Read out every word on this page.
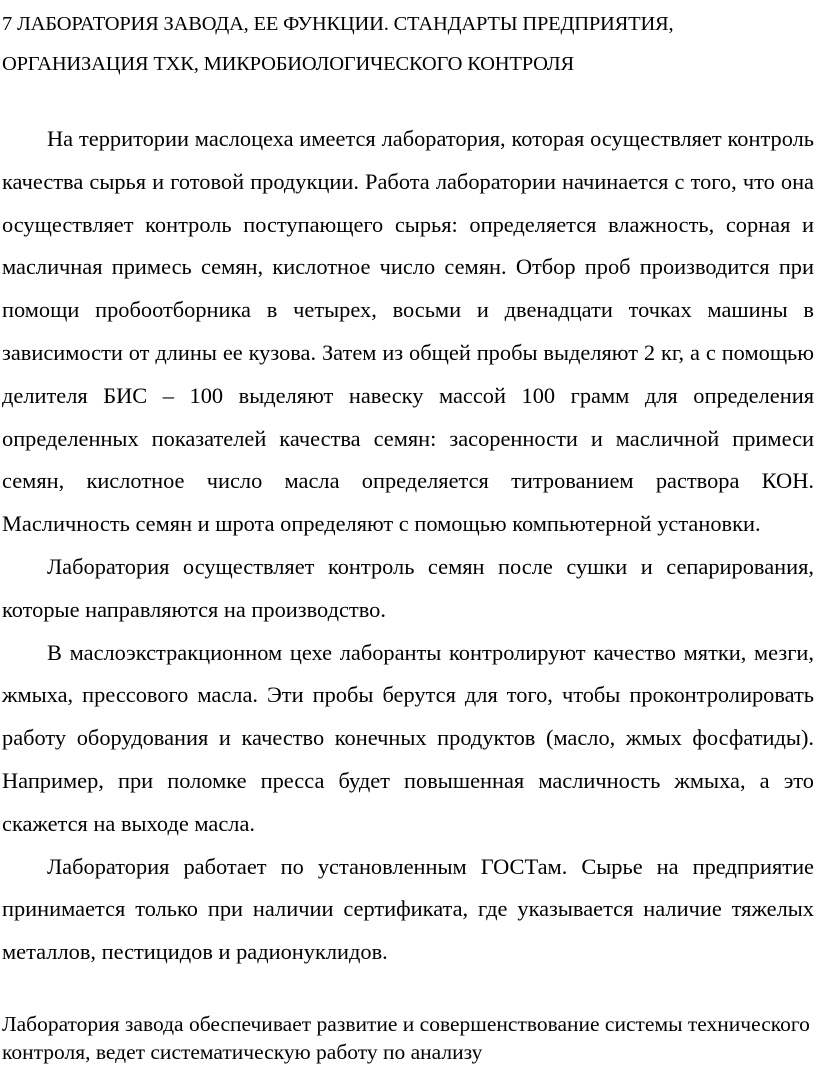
7 ЛАБОРАТОРИЯ ЗАВОДА, ЕЕ ФУНКЦИИ. СТАНДАРТЫ ПРЕДПРИЯТИЯ, ОРГАНИЗАЦИЯ ТХК, МИКРОБИОЛОГИЧЕСКОГО КОНТРОЛЯ

На территории маслоцеха имеется лаборатория, которая осуществляет контроль качества сырья и готовой продукции. Работа лаборатории начинается с того, что она осуществляет контроль поступающего сырья: определяется влажность, сорная и масличная примесь семян, кислотное число семян. Отбор проб производится при помощи пробоотборника в четырех, восьми и двенадцати точках машины в зависимости от длины ее кузова. Затем из общей пробы выделяют 2 кг, а с помощью делителя БИС – 100 выделяют навеску массой 100 грамм для определения определенных показателей качества семян: засоренности и масличной примеси семян, кислотное число масла определяется титрованием раствора КОН. Масличность семян и шрота определяют с помощью компьютерной установки.

Лаборатория осуществляет контроль семян после сушки и сепарирования, которые направляются на производство.

В маслоэкстракционном цехе лаборанты контролируют качество мятки, мезги, жмыха, прессового масла. Эти пробы берутся для того, чтобы проконтролировать работу оборудования и качество конечных продуктов (масло, жмых фосфатиды). Например, при поломке пресса будет повышенная масличность жмыха, а это скажется на выходе масла.

Лаборатория работает по установленным ГОСТам. Сырье на предприятие принимается только при наличии сертификата, где указывается наличие тяжелых металлов, пестицидов и радионуклидов.

Лаборатория завода обеспечивает развитие и совершенствование системы технического контроля, ведет систематическую работу по анализу
